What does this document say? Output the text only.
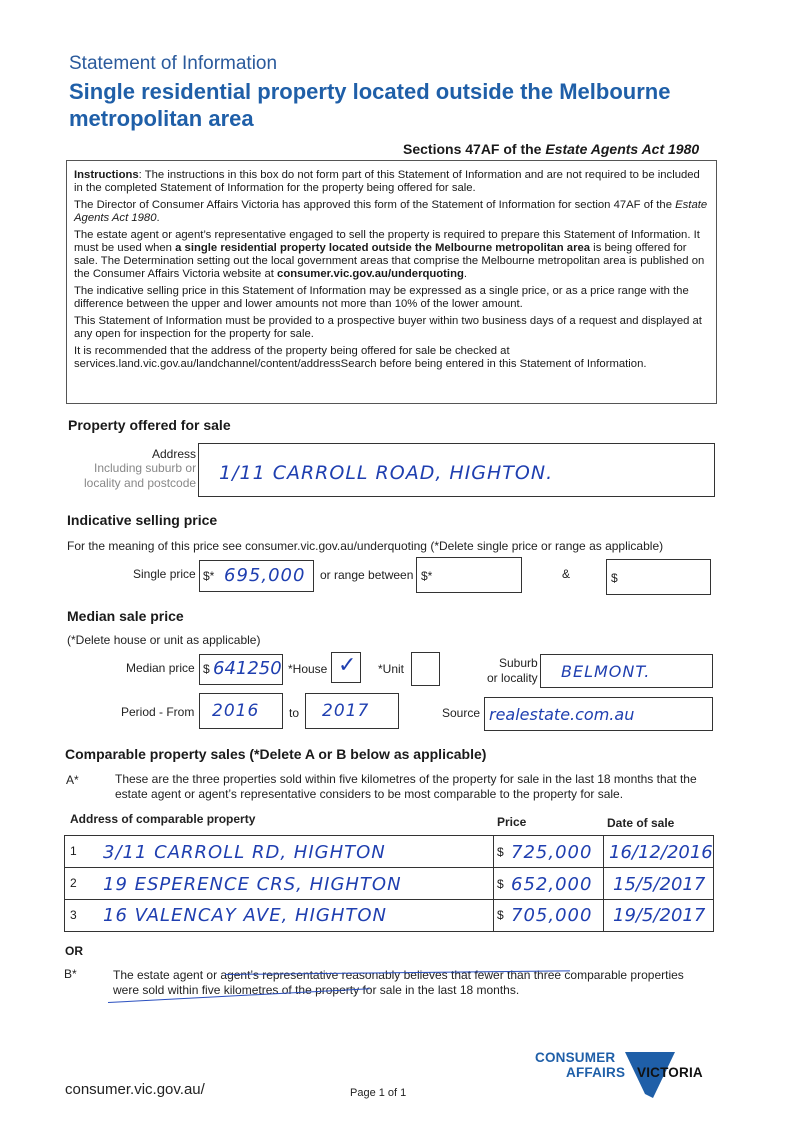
Statement of Information
Single residential property located outside the Melbourne metropolitan area
Sections 47AF of the Estate Agents Act 1980

Instructions: The instructions in this box do not form part of this Statement of Information and are not required to be included in the completed Statement of Information for the property being offered for sale.

The Director of Consumer Affairs Victoria has approved this form of the Statement of Information for section 47AF of the Estate Agents Act 1980.

The estate agent or agent’s representative engaged to sell the property is required to prepare this Statement of Information. It must be used when a single residential property located outside the Melbourne metropolitan area is being offered for sale. The Determination setting out the local government areas that comprise the Melbourne metropolitan area is published on the Consumer Affairs Victoria website at consumer.vic.gov.au/underquoting.

The indicative selling price in this Statement of Information may be expressed as a single price, or as a price range with the difference between the upper and lower amounts not more than 10% of the lower amount.

This Statement of Information must be provided to a prospective buyer within two business days of a request and displayed at any open for inspection for the property for sale.

It is recommended that the address of the property being offered for sale be checked at services.land.vic.gov.au/landchannel/content/addressSearch before being entered in this Statement of Information.

Property offered for sale
Address
Including suburb or
locality and postcode 1/11 CARROLL ROAD, HIGHTON.
Indicative selling price
For the meaning of this price see consumer.vic.gov.au/underquoting (*Delete single price or range as applicable)
Single price $* 695,000 or range between $*	&	$
Median sale price
(*Delete house or unit as applicable)
Median price $ 641250 *House ✓ *Unit	Suburb
or locality BELMONT.
Period - From 2016 to 2017	Source realestate.com.au
Comparable property sales (*Delete A or B below as applicable)
A*	These are the three properties sold within five kilometres of the property for sale in the last 18 months that the estate agent or agent’s representative considers to be most comparable to the property for sale.
Address of comparable property	Price	Date of sale
1 3/11 CARROLL RD, HIGHTON	$ 725,000 16/12/2016
2 19 ESPERENCE CRS, HIGHTON	$ 652,000 15/5/2017
3 16 VALENCAY AVE, HIGHTON	$ 705,000 19/5/2017
OR
B*	The estate agent or agent’s representative reasonably believes that fewer than three comparable properties were sold within five kilometres of the property for sale in the last 18 months.
consumer.vic.gov.au/	Page 1 of 1
CONSUMER
AFFAIRS VICTORIA
